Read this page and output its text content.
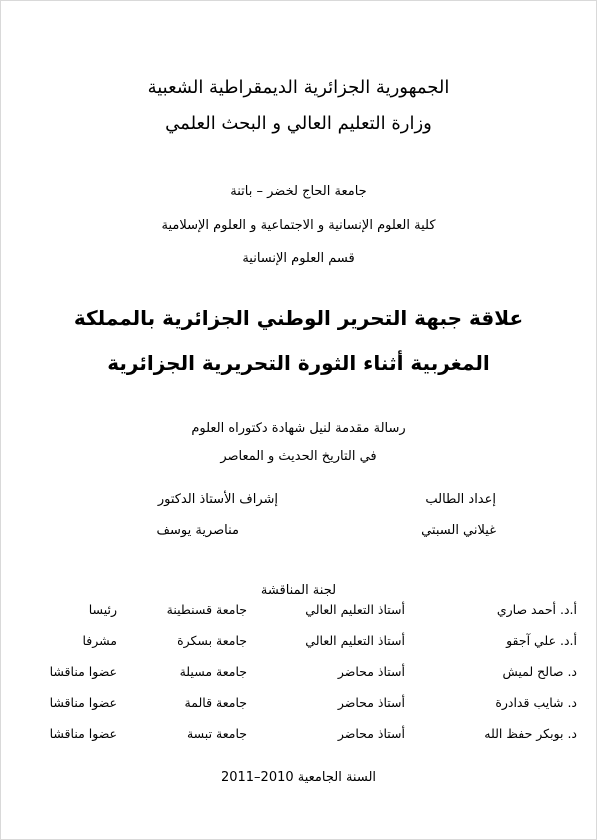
الجمهورية الجزائرية الديمقراطية الشعبية
وزارة التعليم العالي و البحث العلمي
جامعة الحاج لخضر – باتنة
كلية العلوم الإنسانية و الاجتماعية و العلوم الإسلامية
قسم العلوم الإنسانية
علاقة جبهة التحرير الوطني الجزائرية بالمملكة
المغربية أثناء الثورة التحريرية الجزائرية
رسالة مقدمة لنيل شهادة دكتوراه العلوم
في التاريخ الحديث و المعاصر
إعداد الطالب
غيلاني السبتي
إشراف الأستاذ الدكتور
مناصرية يوسف
لجنة المناقشة
أ.د. أحمد صاري
أستاذ التعليم العالي
جامعة قسنطينة
رئيسا
أ.د. علي آجقو
أستاذ التعليم العالي
جامعة بسكرة
مشرفا
د. صالح لميش
أستاذ محاضر
جامعة مسيلة
عضوا مناقشا
د. شايب قدادرة
أستاذ محاضر
جامعة قالمة
عضوا مناقشا
د. بوبكر حفظ الله
أستاذ محاضر
جامعة تبسة
عضوا مناقشا
السنة الجامعية 2010–2011
